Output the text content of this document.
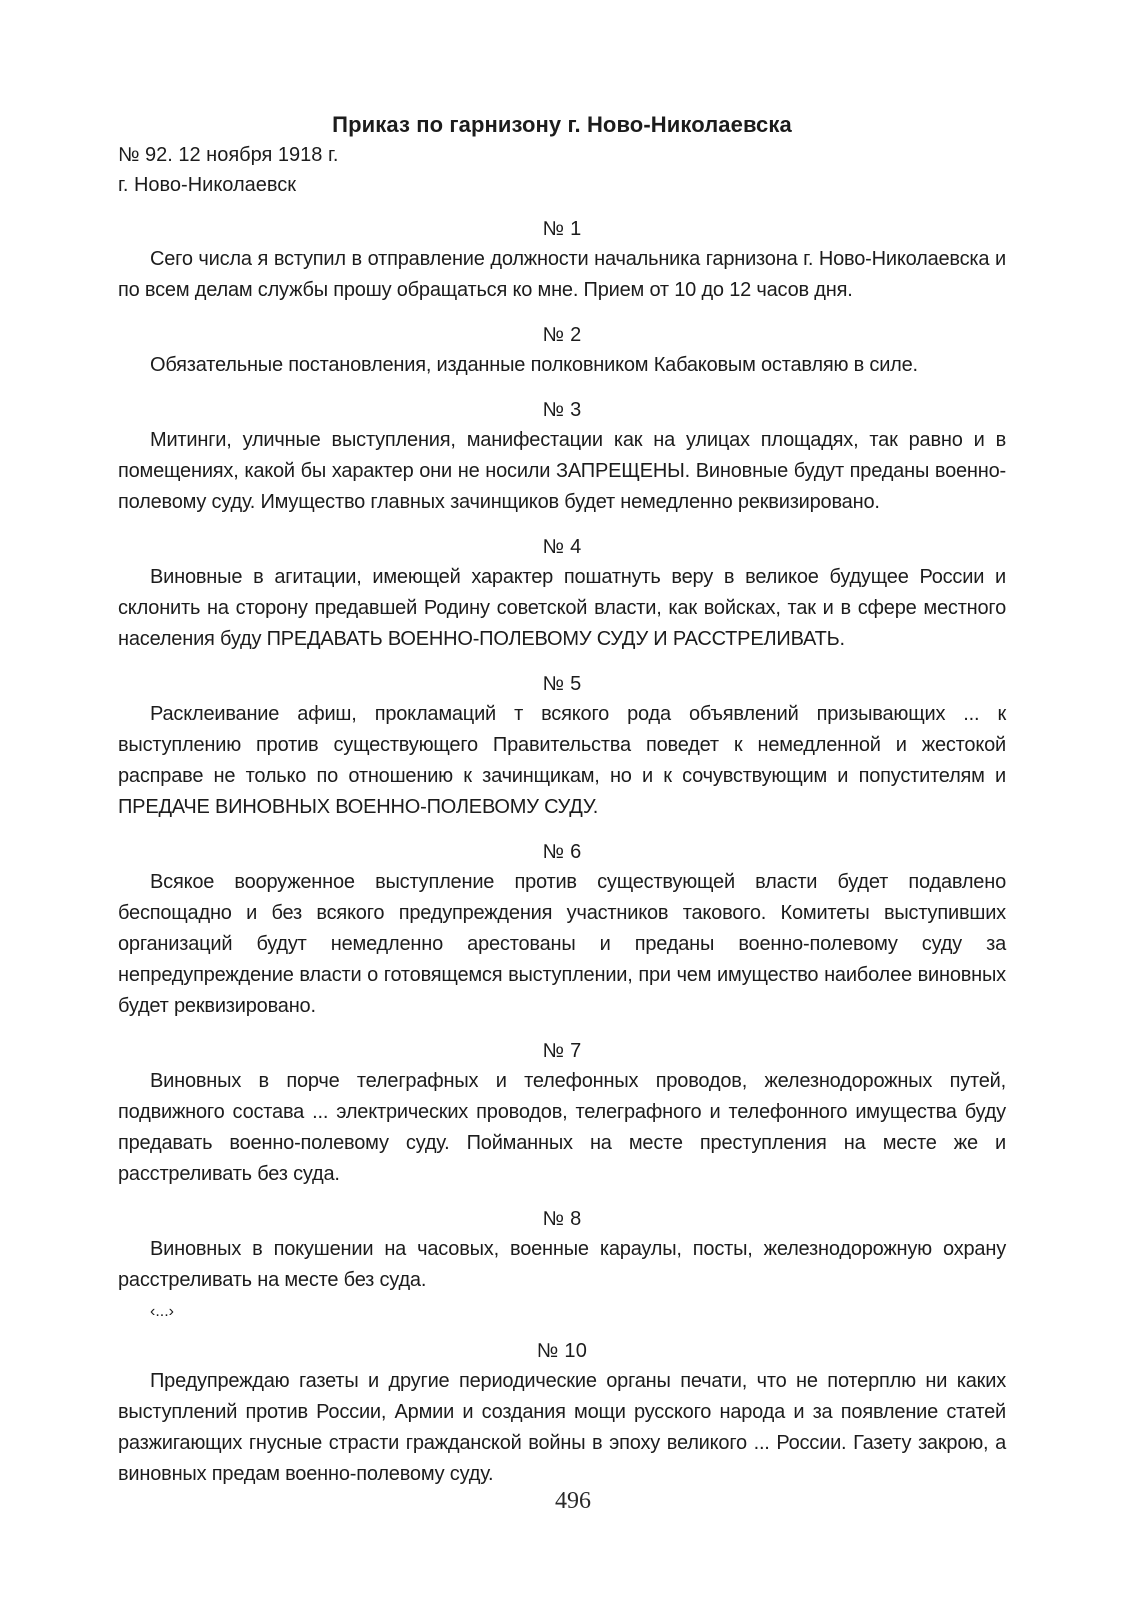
Приказ по гарнизону г. Ново-Николаевска

№ 92. 12 ноября 1918 г.

г. Ново-Николаевск

№ 1

Сего числа я вступил в отправление должности начальника гарнизона г. Ново-Николаевска и по всем делам службы прошу обращаться ко мне. Прием от 10 до 12 часов дня.

№ 2

Обязательные постановления, изданные полковником Кабаковым оставляю в силе.

№ 3

Митинги, уличные выступления, манифестации как на улицах площадях, так равно и в помещениях, какой бы характер они не носили ЗАПРЕЩЕНЫ. Виновные будут преданы военно-полевому суду. Имущество главных зачинщиков будет немедленно реквизировано.

№ 4

Виновные в агитации, имеющей характер пошатнуть веру в великое будущее России и склонить на сторону предавшей Родину советской власти, как войсках, так и в сфере местного населения буду ПРЕДАВАТЬ ВОЕННО-ПОЛЕВОМУ СУДУ И РАССТРЕЛИВАТЬ.

№ 5

Расклеивание афиш, прокламаций т всякого рода объявлений призывающих ... к выступлению против существующего Правительства поведет к немедленной и жестокой расправе не только по отношению к зачинщикам, но и к сочувствующим и попустителям и ПРЕДАЧЕ ВИНОВНЫХ ВОЕННО-ПОЛЕВОМУ СУДУ.

№ 6

Всякое вооруженное выступление против существующей власти будет подавлено беспощадно и без всякого предупреждения участников такового. Комитеты выступивших организаций будут немедленно арестованы и преданы военно-полевому суду за непредупреждение власти о готовящемся выступлении, при чем имущество наиболее виновных будет реквизировано.

№ 7

Виновных в порче телеграфных и телефонных проводов, железнодорожных путей, подвижного состава ... электрических проводов, телеграфного и телефонного имущества буду предавать военно-полевому суду. Пойманных на месте преступления на месте же и расстреливать без суда.

№ 8

Виновных в покушении на часовых, военные караулы, посты, железнодорожную охрану расстреливать на месте без суда.

‹...›

№ 10

Предупреждаю газеты и другие периодические органы печати, что не потерплю ни каких выступлений против России, Армии и создания мощи русского народа и за появление статей разжигающих гнусные страсти гражданской войны в эпоху великого ... России. Газету закрою, а виновных предам военно-полевому суду.

496
